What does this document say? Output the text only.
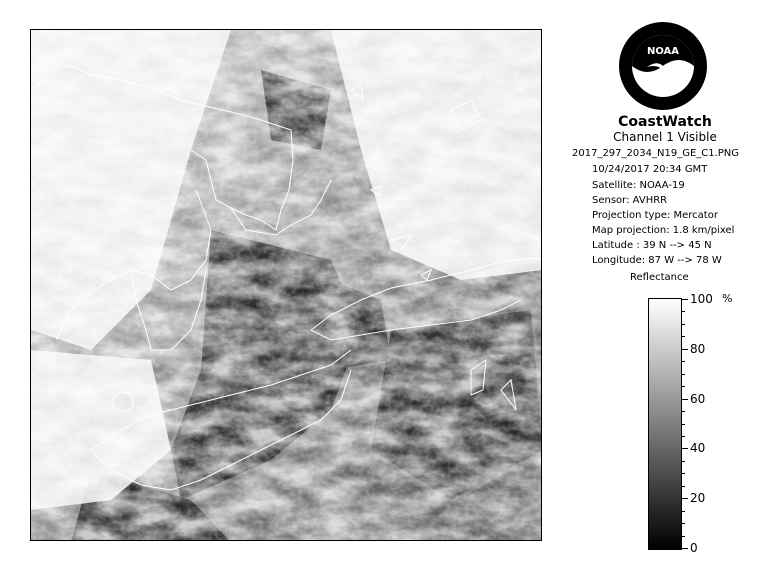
NOAA
CoastWatch
Channel 1 Visible
2017_297_2034_N19_GE_C1.PNG
10/24/2017 20:34 GMT
Satellite: NOAA-19
Sensor: AVHRR
Projection type: Mercator
Map projection: 1.8 km/pixel
Latitude : 39 N --> 45 N
Longitude: 87 W --> 78 W
Reflectance
%
100
80
60
40
20
0
